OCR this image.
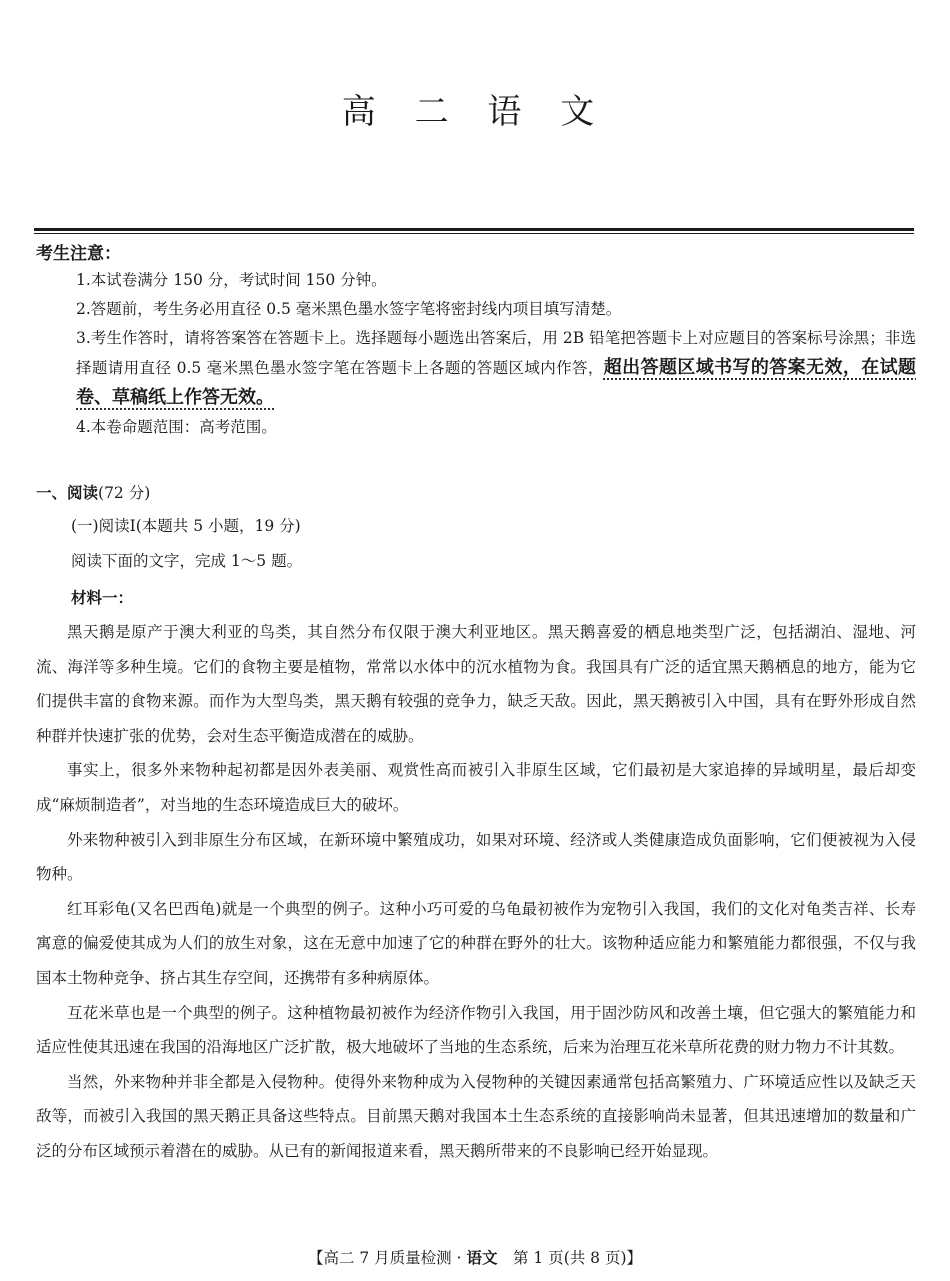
高 二 语 文
考生注意：
1.本试卷满分 150 分，考试时间 150 分钟。
2.答题前，考生务必用直径 0.5 毫米黑色墨水签字笔将密封线内项目填写清楚。
3.考生作答时，请将答案答在答题卡上。选择题每小题选出答案后，用 2B 铅笔把答题卡上对应题目的答案标号涂黑；非选择题请用直径 0.5 毫米黑色墨水签字笔在答题卡上各题的答题区域内作答，超出答题区域书写的答案无效，在试题卷、草稿纸上作答无效。
4.本卷命题范围：高考范围。
一、阅读(72 分)
(一)阅读Ⅰ(本题共 5 小题，19 分)
阅读下面的文字，完成 1～5 题。
材料一：

黑天鹅是原产于澳大利亚的鸟类，其自然分布仅限于澳大利亚地区。黑天鹅喜爱的栖息地类型广泛，包括湖泊、湿地、河流、海洋等多种生境。它们的食物主要是植物，常常以水体中的沉水植物为食。我国具有广泛的适宜黑天鹅栖息的地方，能为它们提供丰富的食物来源。而作为大型鸟类，黑天鹅有较强的竞争力，缺乏天敌。因此，黑天鹅被引入中国，具有在野外形成自然种群并快速扩张的优势，会对生态平衡造成潜在的威胁。

事实上，很多外来物种起初都是因外表美丽、观赏性高而被引入非原生区域，它们最初是大家追捧的异域明星，最后却变成“麻烦制造者”，对当地的生态环境造成巨大的破坏。

外来物种被引入到非原生分布区域，在新环境中繁殖成功，如果对环境、经济或人类健康造成负面影响，它们便被视为入侵物种。

红耳彩龟(又名巴西龟)就是一个典型的例子。这种小巧可爱的乌龟最初被作为宠物引入我国，我们的文化对龟类吉祥、长寿寓意的偏爱使其成为人们的放生对象，这在无意中加速了它的种群在野外的壮大。该物种适应能力和繁殖能力都很强，不仅与我国本土物种竞争、挤占其生存空间，还携带有多种病原体。

互花米草也是一个典型的例子。这种植物最初被作为经济作物引入我国，用于固沙防风和改善土壤，但它强大的繁殖能力和适应性使其迅速在我国的沿海地区广泛扩散，极大地破坏了当地的生态系统，后来为治理互花米草所花费的财力物力不计其数。

当然，外来物种并非全都是入侵物种。使得外来物种成为入侵物种的关键因素通常包括高繁殖力、广环境适应性以及缺乏天敌等，而被引入我国的黑天鹅正具备这些特点。目前黑天鹅对我国本土生态系统的直接影响尚未显著，但其迅速增加的数量和广泛的分布区域预示着潜在的威胁。从已有的新闻报道来看，黑天鹅所带来的不良影响已经开始显现。

【高二 7 月质量检测 · 语文　第 1 页(共 8 页)】
